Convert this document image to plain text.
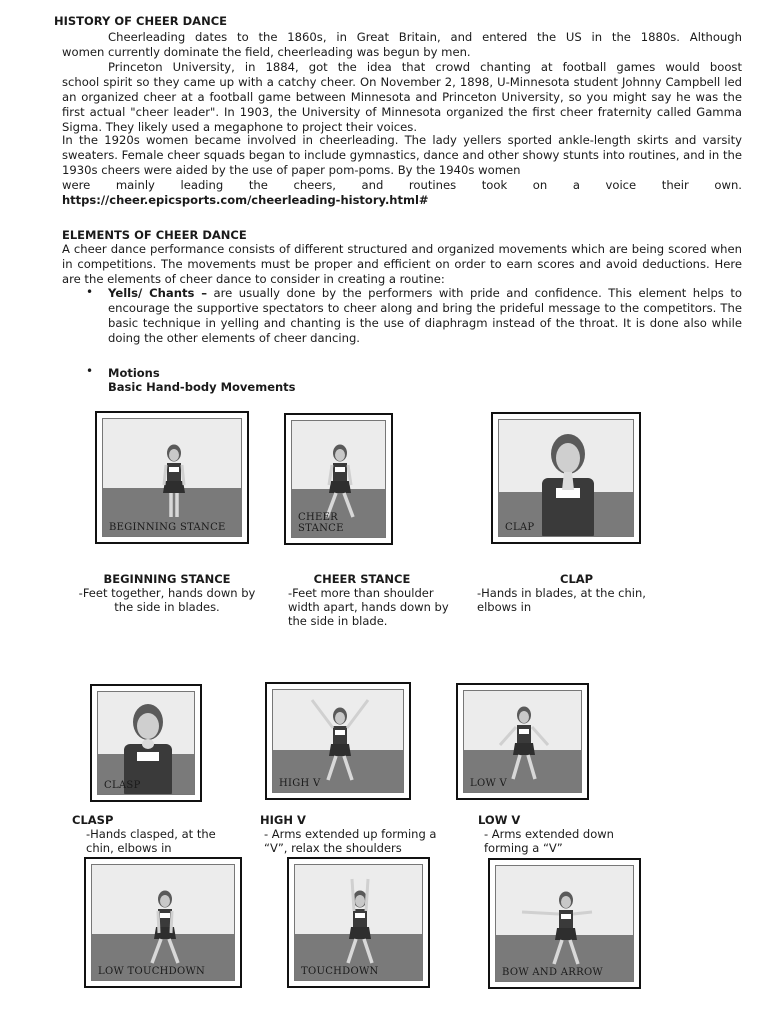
HISTORY OF CHEER DANCE
Cheerleading dates to the 1860s, in Great Britain, and entered the US in the 1880s. Although
women currently dominate the field, cheerleading was begun by men.
Princeton University, in 1884, got the idea that crowd chanting at football games would boost
school spirit so they came up with a catchy cheer. On November 2, 1898, U-Minnesota student Johnny Campbell led an organized cheer at a football game between Minnesota and Princeton University, so you might say he was the first actual "cheer leader". In 1903, the University of Minnesota organized the first cheer fraternity called Gamma Sigma. They likely used a megaphone to project their voices.
In the 1920s women became involved in cheerleading. The lady yellers sported ankle-length skirts and varsity sweaters. Female cheer squads began to include gymnastics, dance and other showy stunts into routines, and in the 1930s cheers were aided by the use of paper pom-poms. By the 1940s women
were mainly leading the cheers, and routines took on a voice their own.
https://cheer.epicsports.com/cheerleading-history.html#
ELEMENTS OF CHEER DANCE
A cheer dance performance consists of different structured and organized movements which are being scored when in competitions. The movements must be proper and efficient on order to earn scores and avoid deductions. Here are the elements of cheer dance to consider in creating a routine:
• Yells/ Chants – are usually done by the performers with pride and confidence. This element helps to encourage the supportive spectators to cheer along and bring the prideful message to the competitors. The basic technique in yelling and chanting is the use of diaphragm instead of the throat. It is done also while doing the other elements of cheer dancing.
• Motions
Basic Hand-body Movements
BEGINNING STANCE
CHEER STANCE	CLAP
BEGINNING STANCE
-Feet together, hands down by the side in blades.
CHEER STANCE
-Feet more than shoulder width apart, hands down by the side in blade.
CLAP
-Hands in blades, at the chin, elbows in
CLASP	HIGH V	LOW V
CLASP
-Hands clasped, at the chin, elbows in
HIGH V
- Arms extended up forming a “V”, relax the shoulders
LOW V
- Arms extended down forming a “V”
LOW TOUCHDOWN	TOUCHDOWN	BOW AND ARROW
